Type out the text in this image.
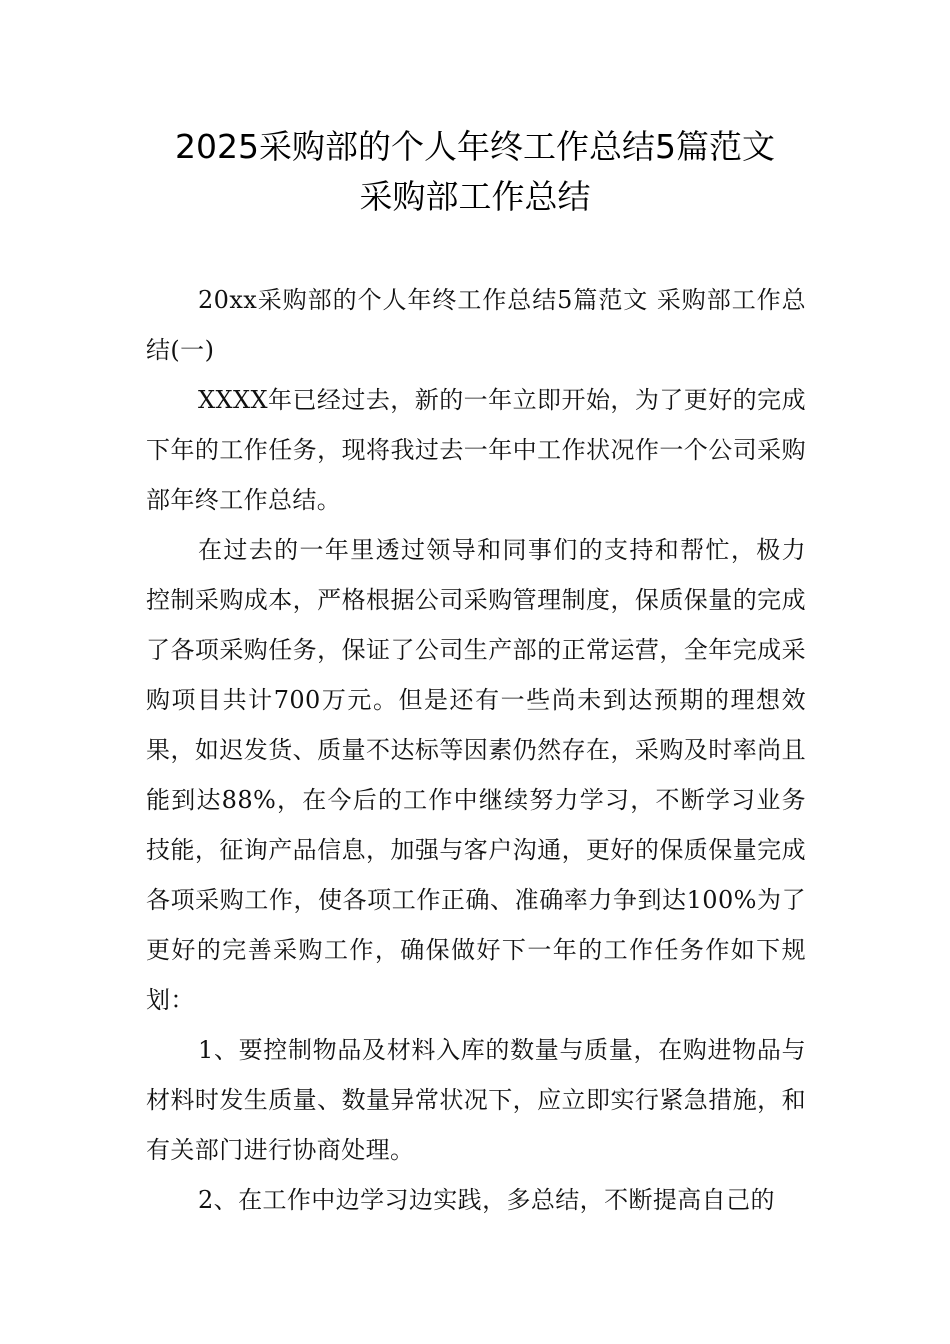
2025采购部的个人年终工作总结5篇范文
采购部工作总结

20xx采购部的个人年终工作总结5篇范文 采购部工作总结(一)

XXXX年已经过去，新的一年立即开始，为了更好的完成下年的工作任务，现将我过去一年中工作状况作一个公司采购部年终工作总结。

在过去的一年里透过领导和同事们的支持和帮忙，极力控制采购成本，严格根据公司采购管理制度，保质保量的完成了各项采购任务，保证了公司生产部的正常运营，全年完成采购项目共计700万元。但是还有一些尚未到达预期的理想效果，如迟发货、质量不达标等因素仍然存在，采购及时率尚且能到达88%，在今后的工作中继续努力学习，不断学习业务技能，征询产品信息，加强与客户沟通，更好的保质保量完成各项采购工作，使各项工作正确、准确率力争到达100%为了更好的完善采购工作，确保做好下一年的工作任务作如下规划：

1、要控制物品及材料入库的数量与质量，在购进物品与材料时发生质量、数量异常状况下，应立即实行紧急措施，和有关部门进行协商处理。

2、在工作中边学习边实践，多总结，不断提高自己的
